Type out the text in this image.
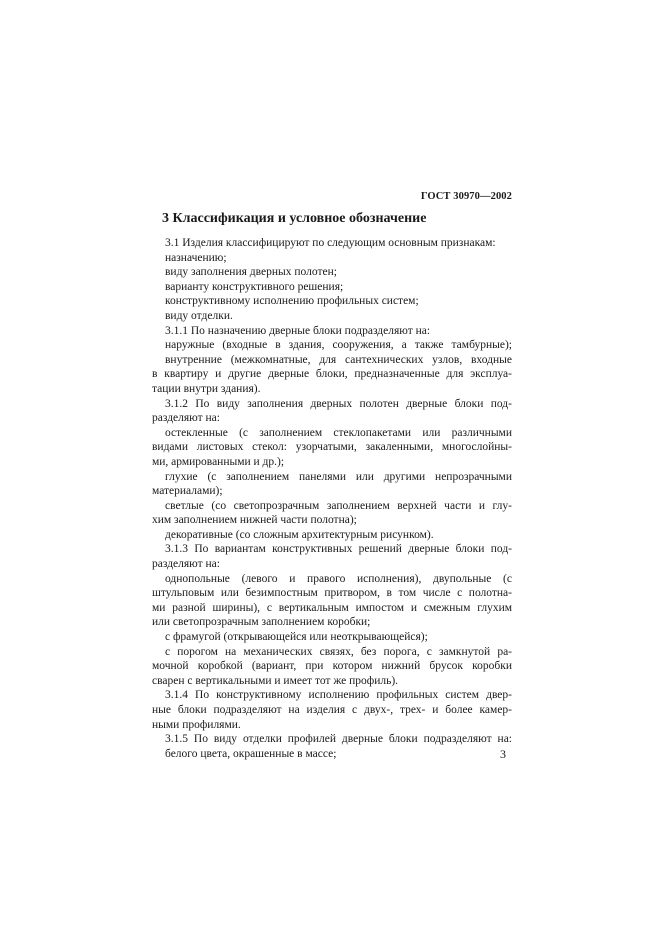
ГОСТ 30970—2002
3 Классификация и условное обозначение
3.1 Изделия классифицируют по следующим основным признакам:
назначению;
виду заполнения дверных полотен;
варианту конструктивного решения;
конструктивному исполнению профильных систем;
виду отделки.
3.1.1 По назначению дверные блоки подразделяют на:
наружные (входные в здания, сооружения, а также тамбурные);
внутренние (межкомнатные, для сантехнических узлов, входные
в квартиру и другие дверные блоки, предназначенные для эксплуа-
тации внутри здания).
3.1.2 По виду заполнения дверных полотен дверные блоки под-
разделяют на:
остекленные (с заполнением стеклопакетами или различными
видами листовых стекол: узорчатыми, закаленными, многослойны-
ми, армированными и др.);
глухие (с заполнением панелями или другими непрозрачными
материалами);
светлые (со светопрозрачным заполнением верхней части и глу-
хим заполнением нижней части полотна);
декоративные (со сложным архитектурным рисунком).
3.1.3 По вариантам конструктивных решений дверные блоки под-
разделяют на:
однопольные (левого и правого исполнения), двупольные (с
штульповым или безимпостным притвором, в том числе с полотна-
ми разной ширины), с вертикальным импостом и смежным глухим
или светопрозрачным заполнением коробки;
с фрамугой (открывающейся или неоткрывающейся);
с порогом на механических связях, без порога, с замкнутой ра-
мочной коробкой (вариант, при котором нижний брусок коробки
сварен с вертикальными и имеет тот же профиль).
3.1.4 По конструктивному исполнению профильных систем двер-
ные блоки подразделяют на изделия с двух-, трех- и более камер-
ными профилями.
3.1.5 По виду отделки профилей дверные блоки подразделяют на:
белого цвета, окрашенные в массе;	3
